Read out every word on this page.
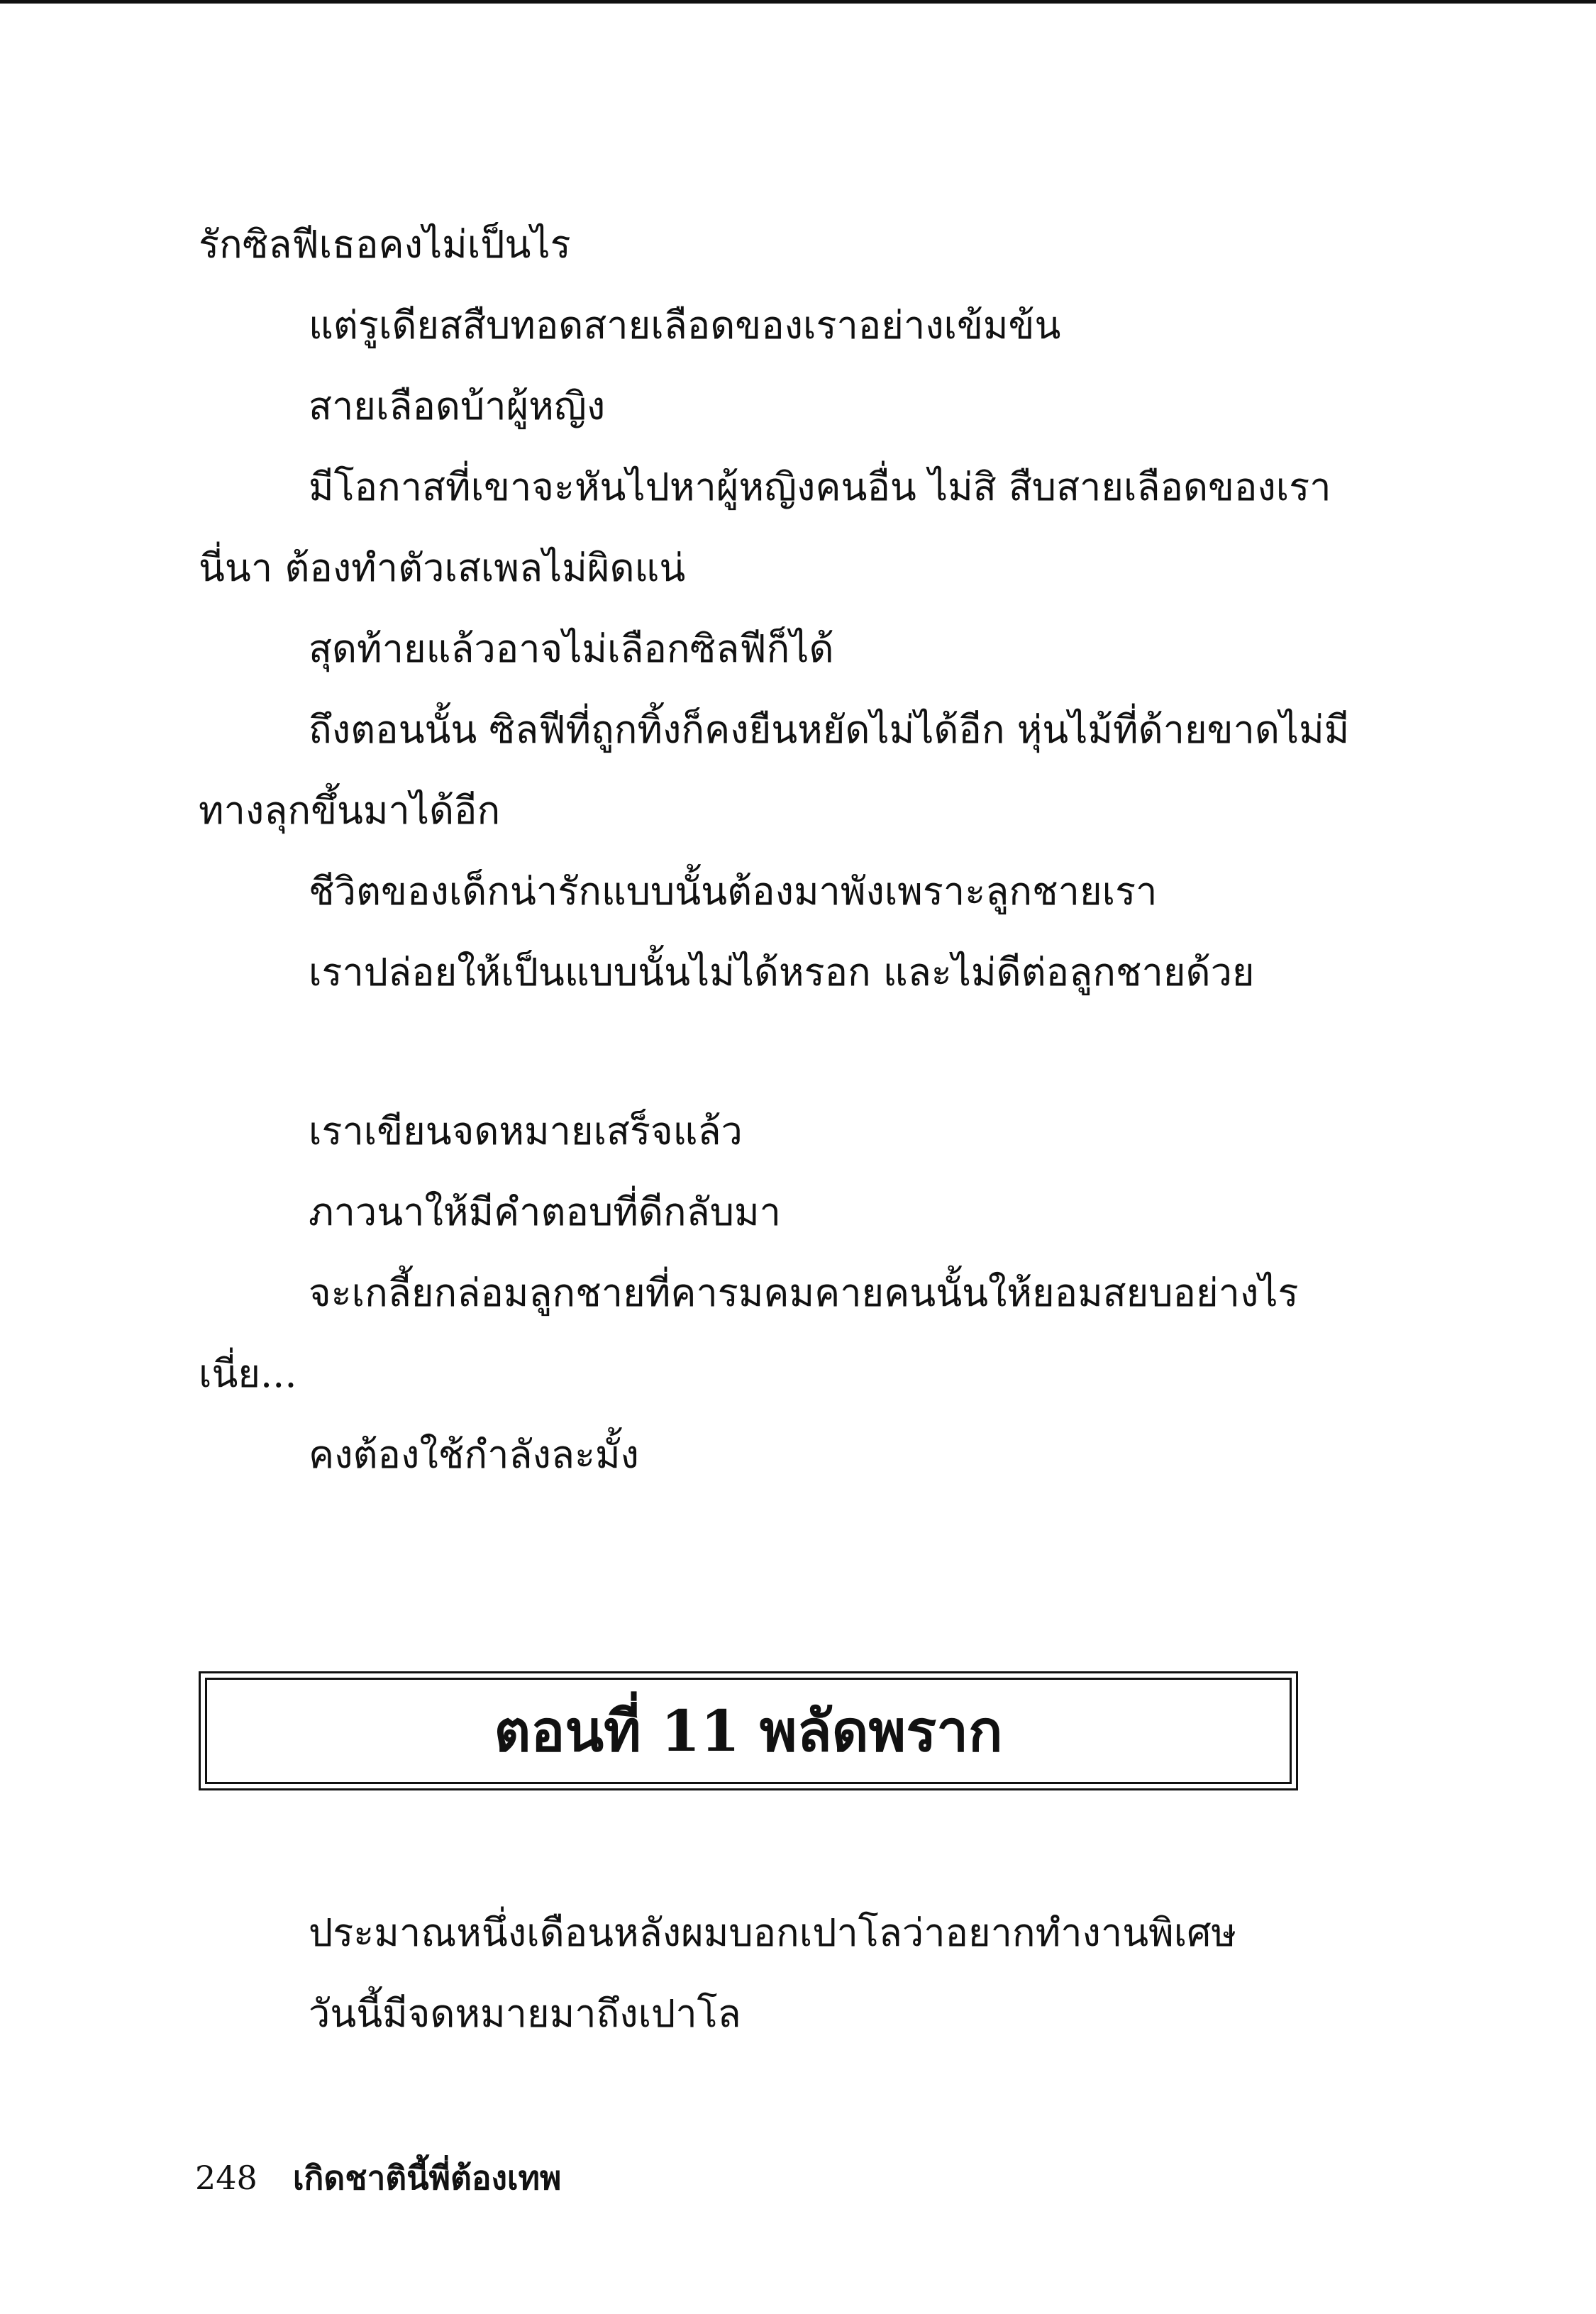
รักซิลฟีเธอคงไม่เป็นไร
แต่รูเดียสสืบทอดสายเลือดของเราอย่างเข้มข้น
สายเลือดบ้าผู้หญิง
มีโอกาสที่เขาจะหันไปหาผู้หญิงคนอื่น ไม่สิ สืบสายเลือดของเรา
นี่นา ต้องทำตัวเสเพลไม่ผิดแน่
สุดท้ายแล้วอาจไม่เลือกซิลฟีก็ได้
ถึงตอนนั้น ซิลฟีที่ถูกทิ้งก็คงยืนหยัดไม่ได้อีก หุ่นไม้ที่ด้ายขาดไม่มี
ทางลุกขึ้นมาได้อีก
ชีวิตของเด็กน่ารักแบบนั้นต้องมาพังเพราะลูกชายเรา
เราปล่อยให้เป็นแบบนั้นไม่ได้หรอก และไม่ดีต่อลูกชายด้วย
เราเขียนจดหมายเสร็จแล้ว
ภาวนาให้มีคำตอบที่ดีกลับมา
จะเกลี้ยกล่อมลูกชายที่คารมคมคายคนนั้นให้ยอมสยบอย่างไร
เนี่ย...
คงต้องใช้กำลังละมั้ง
ตอนที่ 11 พลัดพราก
ประมาณหนึ่งเดือนหลังผมบอกเปาโลว่าอยากทำงานพิเศษ
วันนี้มีจดหมายมาถึงเปาโล
248 เกิดชาตินี้พี่ต้องเทพ
